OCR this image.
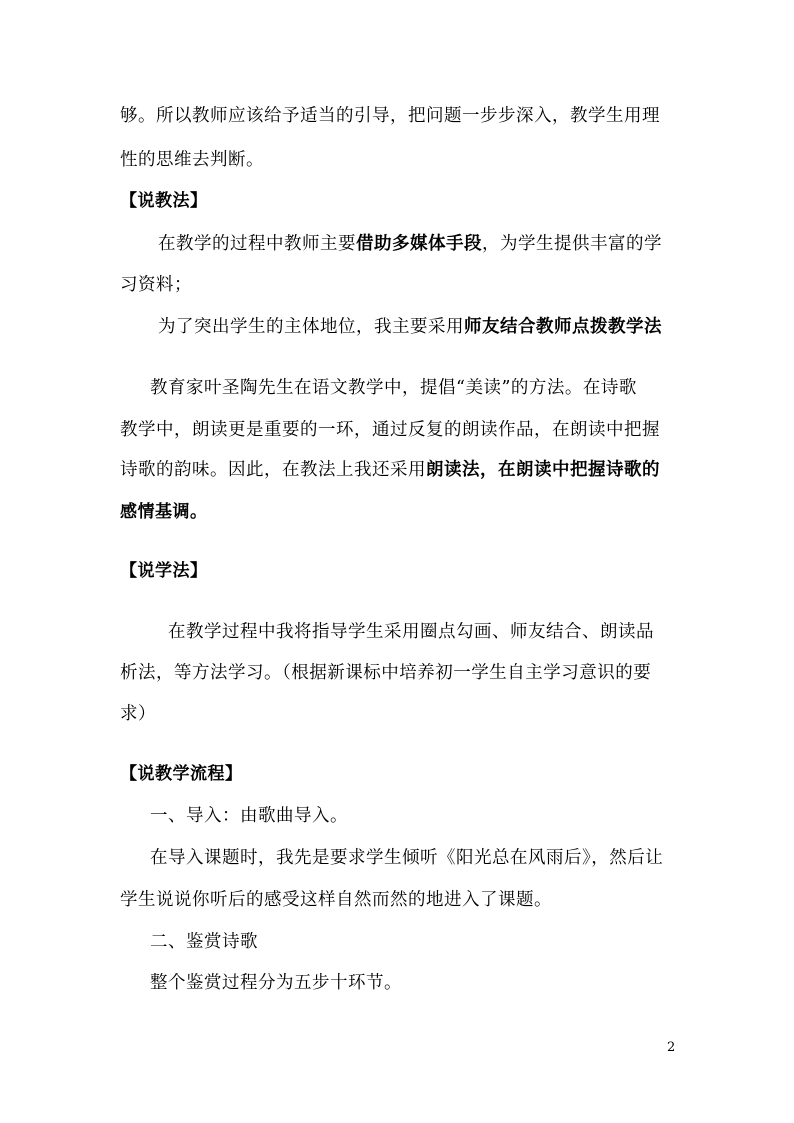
够。所以教师应该给予适当的引导，把问题一步步深入，教学生用理
性的思维去判断。
【说教法】
在教学的过程中教师主要借助多媒体手段，为学生提供丰富的学
习资料；
为了突出学生的主体地位，我主要采用师友结合教师点拨教学法
教育家叶圣陶先生在语文教学中，提倡“美读”的方法。在诗歌
教学中，朗读更是重要的一环，通过反复的朗读作品，在朗读中把握
诗歌的韵味。因此，在教法上我还采用朗读法，在朗读中把握诗歌的
感情基调。
【说学法】
在教学过程中我将指导学生采用圈点勾画、师友结合、朗读品
析法，等方法学习。（根据新课标中培养初一学生自主学习意识的要
求）
【说教学流程】
一、导入：由歌曲导入。
在导入课题时，我先是要求学生倾听《阳光总在风雨后》，然后让
学生说说你听后的感受这样自然而然的地进入了课题。
二、鉴赏诗歌
整个鉴赏过程分为五步十环节。
2
